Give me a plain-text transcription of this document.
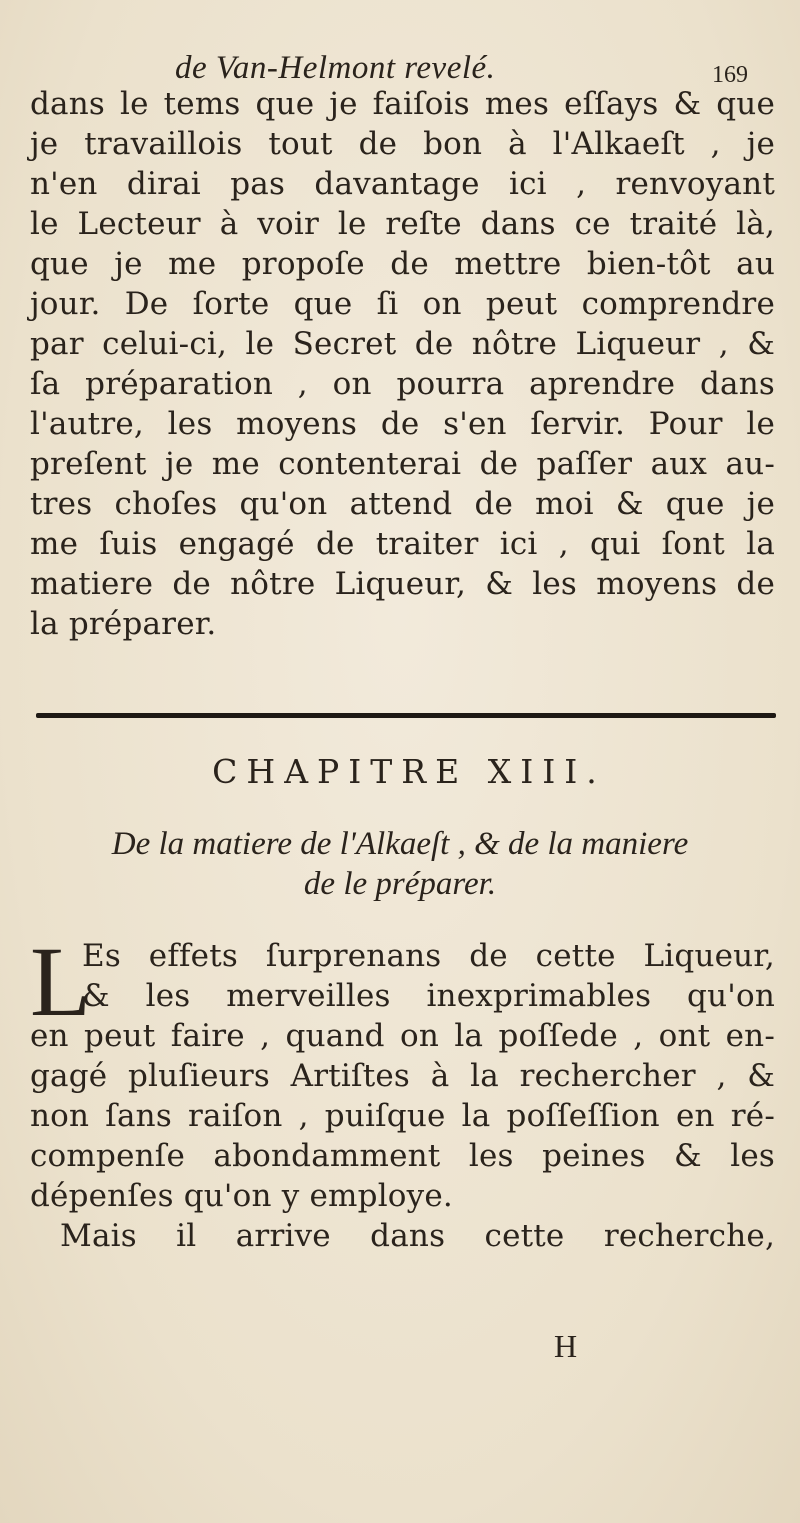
de Van-Helmont revelé.	169
dans le tems que je faiſois mes eſſays & que
je travaillois tout de bon à l'Alkaeſt , je
n'en dirai pas davantage ici , renvoyant
le Lecteur à voir le reſte dans ce traité là,
que je me propoſe de mettre bien-tôt au
jour. De ſorte que ſi on peut comprendre
par celui-ci, le Secret de nôtre Liqueur , &
ſa préparation , on pourra aprendre dans
l'autre, les moyens de s'en ſervir. Pour le
preſent je me contenterai de paſſer aux au-
tres choſes qu'on attend de moi & que je
me ſuis engagé de traiter ici , qui ſont la
matiere de nôtre Liqueur, & les moyens de
la préparer.
CHAPITRE XIII.
De la matiere de l'Alkaeſt , & de la maniere
de le préparer.
L
Es effets ſurprenans de cette Liqueur,
& les merveilles inexprimables qu'on
en peut faire , quand on la poſſede , ont en-
gagé pluſieurs Artiſtes à la rechercher , &
non ſans raiſon , puiſque la poſſeſſion en ré-
compenſe abondamment les peines & les
dépenſes qu'on y employe.
Mais il arrive dans cette recherche,
H
